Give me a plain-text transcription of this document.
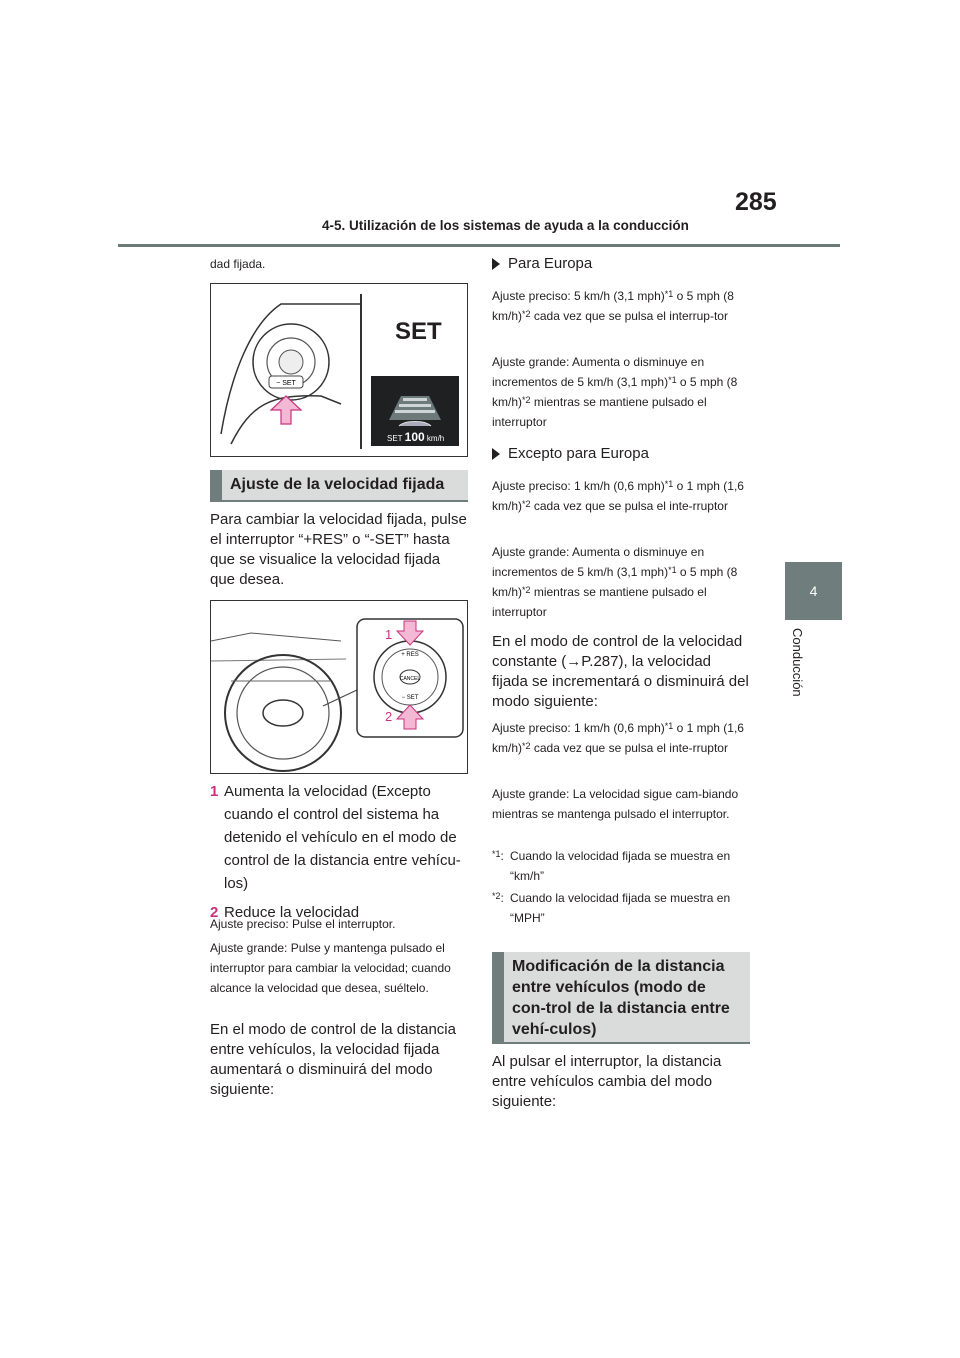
285
4-5. Utilización de los sistemas de ayuda a la conducción
4
Conducción
dad fijada.
− SET
SET
SET 100 km/h
Ajuste de la velocidad fijada
Para cambiar la velocidad fijada, pulse el interruptor “+RES” o “-SET” hasta que se visualice la velocidad fijada que desea.
1
2
+ RES
CANCEL
− SET
1 Aumenta la velocidad (Excepto cuando el control del sistema ha detenido el vehículo en el modo de control de la distancia entre vehícu-los)
2 Reduce la velocidad
Ajuste preciso: Pulse el interruptor.
Ajuste grande: Pulse y mantenga pulsado el interruptor para cambiar la velocidad; cuando alcance la velocidad que desea, suéltelo.
En el modo de control de la distancia entre vehículos, la velocidad fijada aumentará o disminuirá del modo siguiente:
Para Europa
Ajuste preciso: 5 km/h (3,1 mph)$^{*1}$ o 5 mph (8 km/h)$^{*2}$ cada vez que se pulsa el interrup-tor
Ajuste grande: Aumenta o disminuye en incrementos de 5 km/h (3,1 mph)$^{*1}$ o 5 mph (8 km/h)$^{*2}$ mientras se mantiene pulsado el interruptor
Excepto para Europa
Ajuste preciso: 1 km/h (0,6 mph)$^{*1}$ o 1 mph (1,6 km/h)$^{*2}$ cada vez que se pulsa el inte-rruptor
Ajuste grande: Aumenta o disminuye en incrementos de 5 km/h (3,1 mph)$^{*1}$ o 5 mph (8 km/h)$^{*2}$ mientras se mantiene pulsado el interruptor
En el modo de control de la velocidad constante (→P.287), la velocidad fijada se incrementará o disminuirá del modo siguiente:
Ajuste preciso: 1 km/h (0,6 mph)$^{*1}$ o 1 mph (1,6 km/h)$^{*2}$ cada vez que se pulsa el inte-rruptor
Ajuste grande: La velocidad sigue cam-biando mientras se mantenga pulsado el interruptor.
$^{*1}$: Cuando la velocidad fijada se muestra en “km/h”
$^{*2}$: Cuando la velocidad fijada se muestra en “MPH”
Modificación de la distancia entre vehículos (modo de con-trol de la distancia entre vehí-culos)
Al pulsar el interruptor, la distancia entre vehículos cambia del modo siguiente:
